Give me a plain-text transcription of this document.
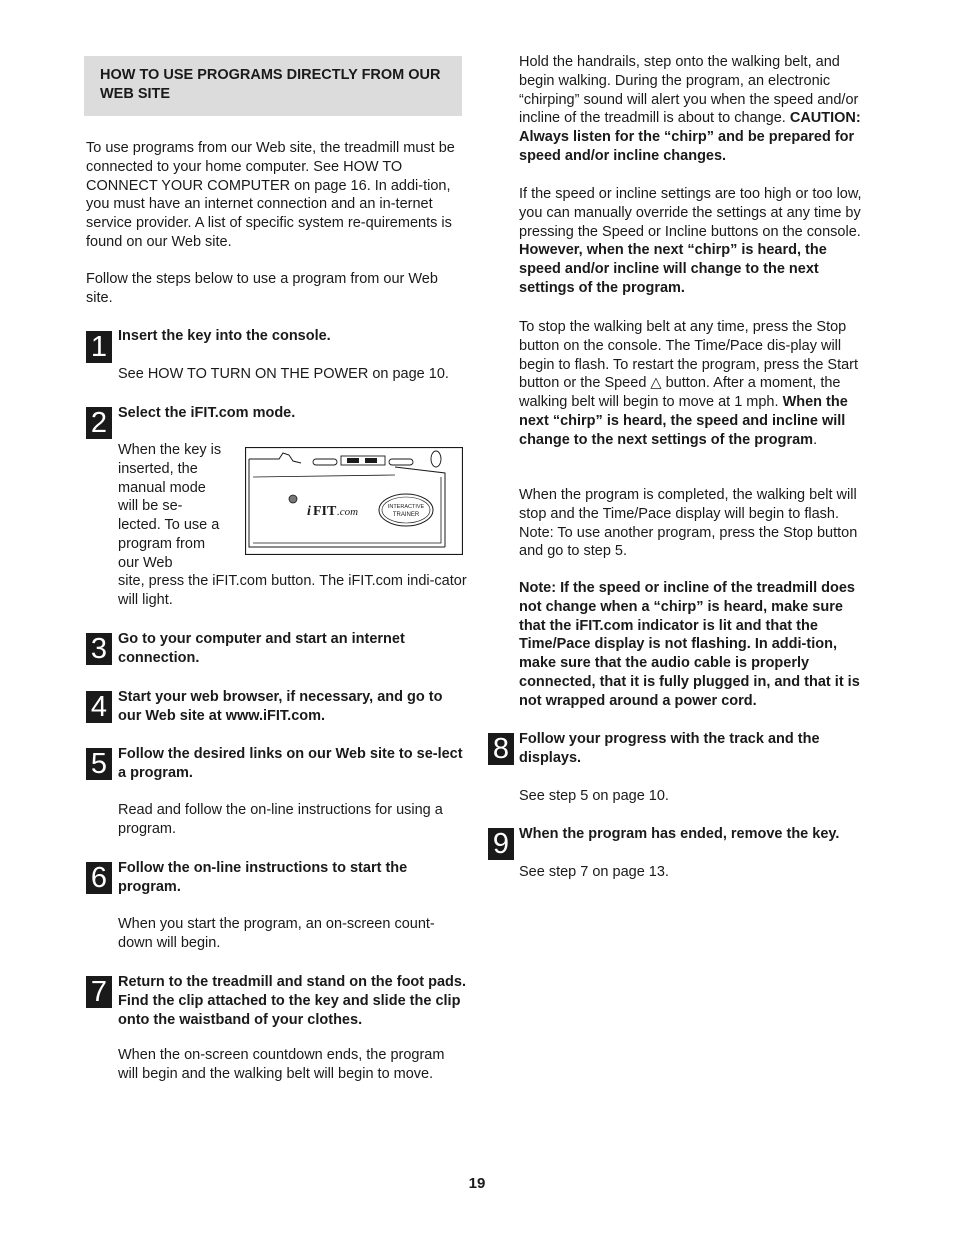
HOW TO USE PROGRAMS DIRECTLY FROM OUR WEB SITE

To use programs from our Web site, the treadmill must be connected to your home computer. See HOW TO CONNECT YOUR COMPUTER on page 16. In addi-tion, you must have an internet connection and an in-ternet service provider. A list of specific system re-quirements is found on our Web site.

Follow the steps below to use a program from our Web site.

1 Insert the key into the console.
See HOW TO TURN ON THE POWER on page 10.
2 Select the iFIT.com mode.
When the key is inserted, the manual mode will be se-lected. To use a program from our Web
site, press the iFIT.com button. The iFIT.com indi-cator will light.
i FIT .com	INTERACTIVE
TRAINER
3 Go to your computer and start an internet connection.
4 Start your web browser, if necessary, and go to our Web site at www.iFIT.com.
5 Follow the desired links on our Web site to se-lect a program.
Read and follow the on-line instructions for using a program.
6 Follow the on-line instructions to start the program.
When you start the program, an on-screen count-down will begin.
7 Return to the treadmill and stand on the foot pads. Find the clip attached to the key and slide the clip onto the waistband of your clothes.
When the on-screen countdown ends, the program will begin and the walking belt will begin to move.

Hold the handrails, step onto the walking belt, and begin walking. During the program, an electronic “chirping” sound will alert you when the speed and/or incline of the treadmill is about to change. CAUTION: Always listen for the “chirp” and be prepared for speed and/or incline changes.

If the speed or incline settings are too high or too low, you can manually override the settings at any time by pressing the Speed or Incline buttons on the console. However, when the next “chirp” is heard, the speed and/or incline will change to the next settings of the program.

To stop the walking belt at any time, press the Stop button on the console. The Time/Pace dis-play will begin to flash. To restart the program, press the Start button or the Speed △ button. After a moment, the walking belt will begin to move at 1 mph. When the next “chirp” is heard, the speed and incline will change to the next settings of the program.

When the program is completed, the walking belt will stop and the Time/Pace display will begin to flash. Note: To use another program, press the Stop button and go to step 5.

Note: If the speed or incline of the treadmill does not change when a “chirp” is heard, make sure that the iFIT.com indicator is lit and that the Time/Pace display is not flashing. In addi-tion, make sure that the audio cable is properly connected, that it is fully plugged in, and that it is not wrapped around a power cord.

8 Follow your progress with the track and the displays.
See step 5 on page 10.
9 When the program has ended, remove the key.
See step 7 on page 13.
19
